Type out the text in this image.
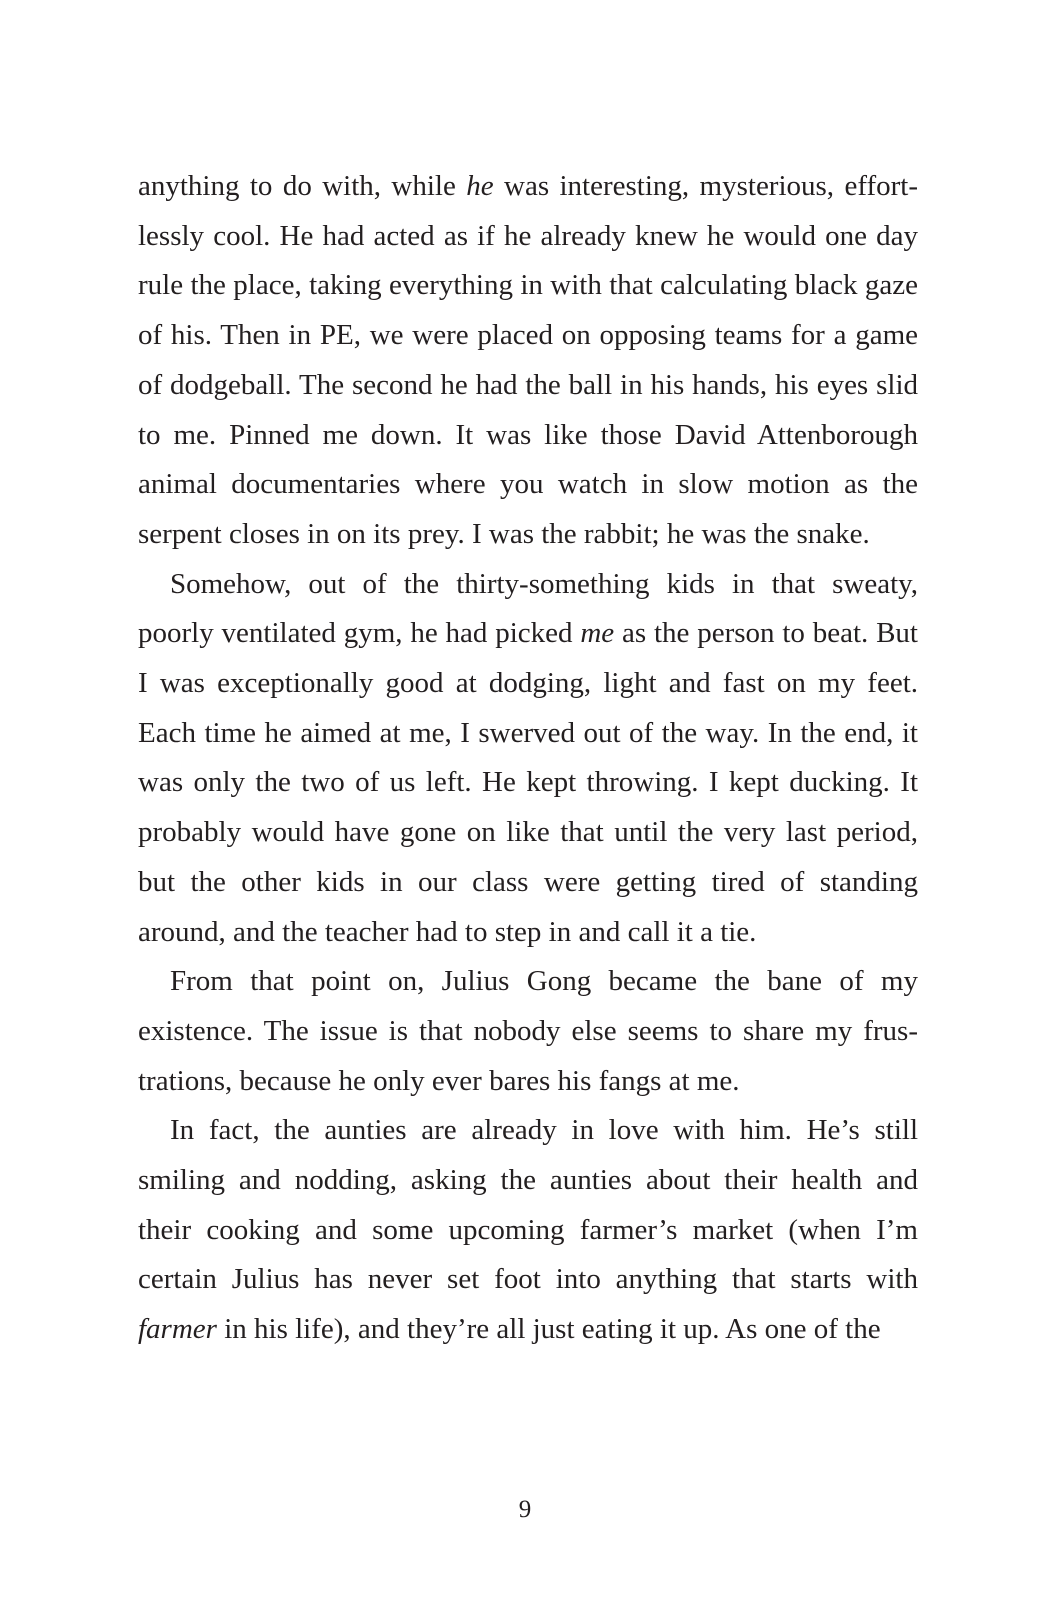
anything to do with, while he was interesting, mysterious, effortlessly cool. He had acted as if he already knew he would one day rule the place, taking everything in with that calculating black gaze of his. Then in PE, we were placed on opposing teams for a game of dodgeball. The second he had the ball in his hands, his eyes slid to me. Pinned me down. It was like those David Attenborough animal documentaries where you watch in slow motion as the serpent closes in on its prey. I was the rabbit; he was the snake.

Somehow, out of the thirty-something kids in that sweaty, poorly ventilated gym, he had picked me as the person to beat. But I was exceptionally good at dodging, light and fast on my feet. Each time he aimed at me, I swerved out of the way. In the end, it was only the two of us left. He kept throwing. I kept ducking. It probably would have gone on like that until the very last period, but the other kids in our class were getting tired of standing around, and the teacher had to step in and call it a tie.

From that point on, Julius Gong became the bane of my existence. The issue is that nobody else seems to share my frustrations, because he only ever bares his fangs at me.

In fact, the aunties are already in love with him. He’s still smiling and nodding, asking the aunties about their health and their cooking and some upcoming farmer’s market (when I’m certain Julius has never set foot into anything that starts with farmer in his life), and they’re all just eating it up. As one of the

9
